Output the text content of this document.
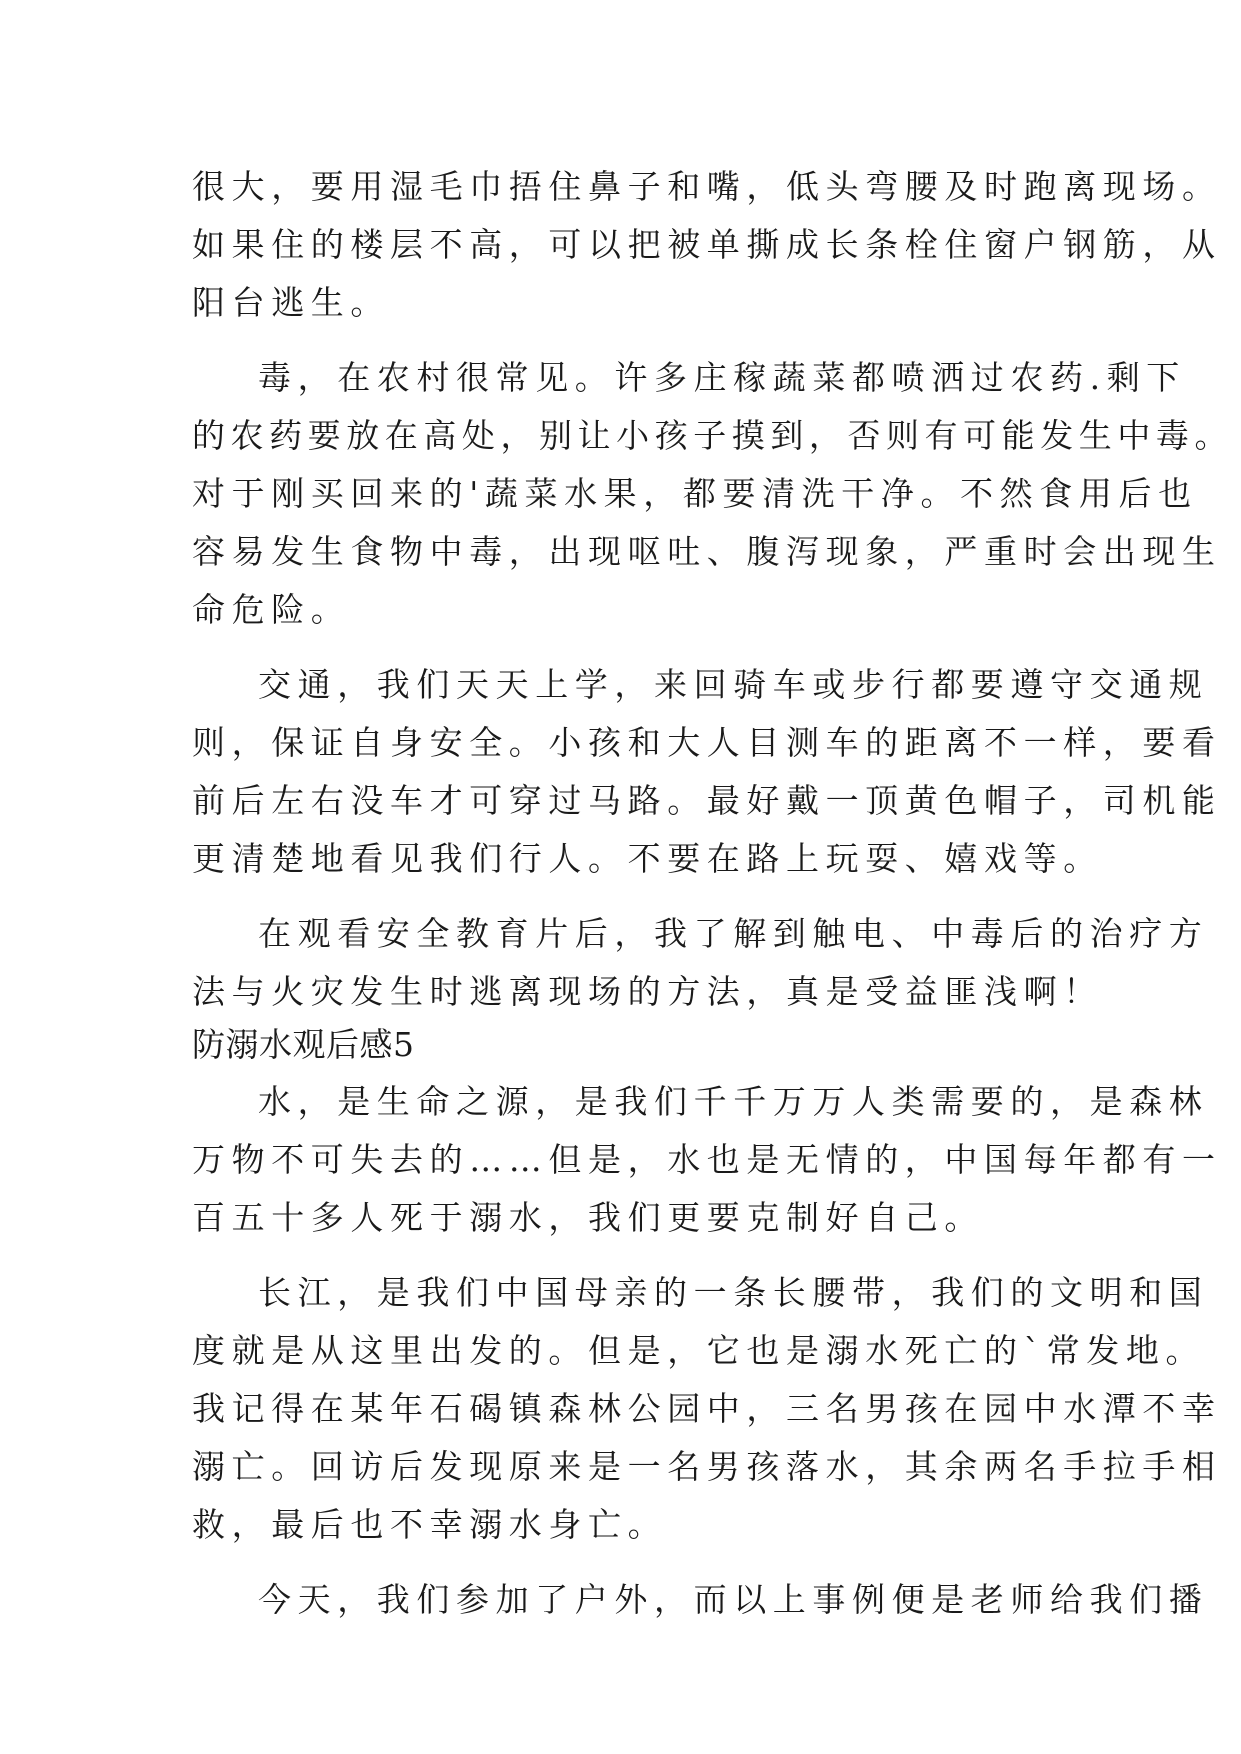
很大，要用湿毛巾捂住鼻子和嘴，低头弯腰及时跑离现场。
如果住的楼层不高，可以把被单撕成长条栓住窗户钢筋，从
阳台逃生。
毒，在农村很常见。许多庄稼蔬菜都喷洒过农药.剩下
的农药要放在高处，别让小孩子摸到，否则有可能发生中毒。
对于刚买回来的'蔬菜水果，都要清洗干净。不然食用后也
容易发生食物中毒，出现呕吐、腹泻现象，严重时会出现生
命危险。
交通，我们天天上学，来回骑车或步行都要遵守交通规
则，保证自身安全。小孩和大人目测车的距离不一样，要看
前后左右没车才可穿过马路。最好戴一顶黄色帽子，司机能
更清楚地看见我们行人。不要在路上玩耍、嬉戏等。
在观看安全教育片后，我了解到触电、中毒后的治疗方
法与火灾发生时逃离现场的方法，真是受益匪浅啊！
防溺水观后感5
水，是生命之源，是我们千千万万人类需要的，是森林
万物不可失去的……但是，水也是无情的，中国每年都有一
百五十多人死于溺水，我们更要克制好自己。
长江，是我们中国母亲的一条长腰带，我们的文明和国
度就是从这里出发的。但是，它也是溺水死亡的`常发地。
我记得在某年石碣镇森林公园中，三名男孩在园中水潭不幸
溺亡。回访后发现原来是一名男孩落水，其余两名手拉手相
救，最后也不幸溺水身亡。
今天，我们参加了户外，而以上事例便是老师给我们播
